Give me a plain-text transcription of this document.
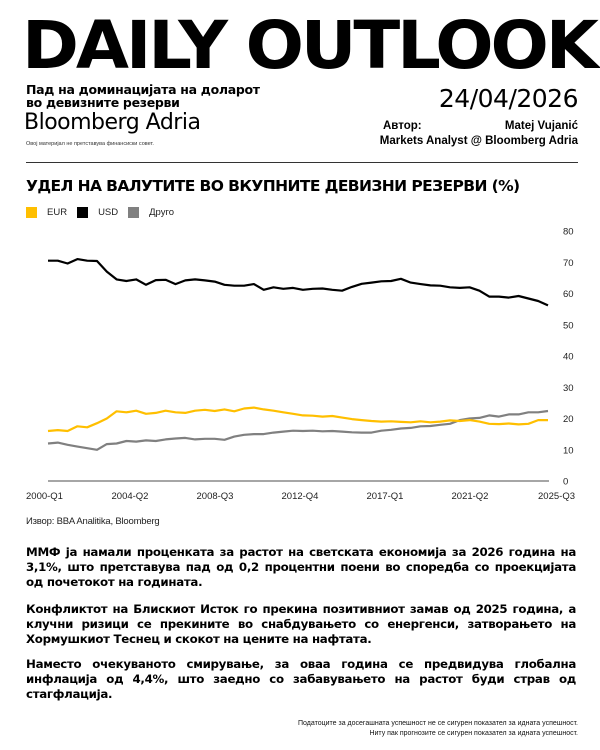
DAILY OUTLOOK
Пад на доминацијата на доларот во девизните резерви
Bloomberg Adria
Овој материјал не претставува финансиски совет.
24/04/2026
Автор:	Matej Vujanić
Markets Analyst @ Bloomberg Adria
УДЕЛ НА ВАЛУТИТЕ ВО ВКУПНИТЕ ДЕВИЗНИ РЕЗЕРВИ (%)
EUR	USD	Друго
0
10
20
30
40
50
60
70
80
2000-Q1	2004-Q2	2008-Q3	2012-Q4	2017-Q1	2021-Q2	2025-Q3
Извор: BBA Analitika, Bloomberg
ММФ ја намали проценката за растот на светската економија за 2026 година на 3,1%, што претставува пад од 0,2 процентни поени во споредба со проекцијата од почетокот на годината.
Конфликтот на Блискиот Исток го прекина позитивниот замав од 2025 година, а клучни ризици се прекините во снабдувањето со енергенси, затворањето на Хормушкиот Теснец и скокот на цените на нафтата.
Наместо очекуваното смирување, за оваа година се предвидува глобална инфлација од 4,4%, што заедно со забавувањето на растот буди страв од стагфлација.
Податоците за досегашната успешност не се сигурен показател за идната успешност.
Ниту пак прогнозите се сигурен показател за идната успешност.
